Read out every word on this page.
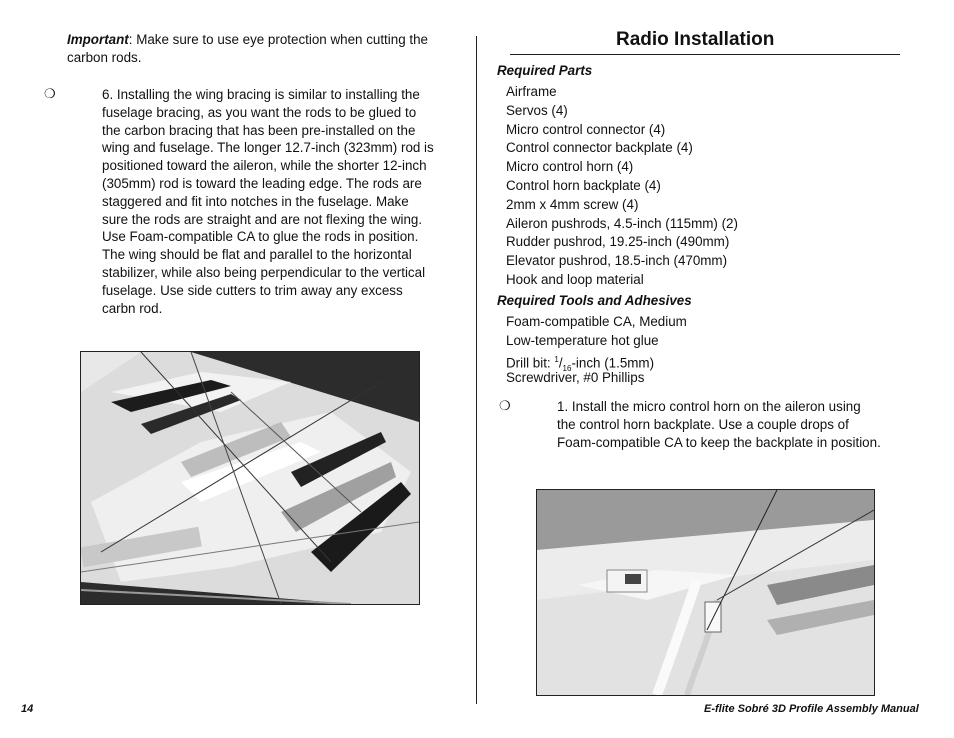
Important: Make sure to use eye protection when cutting the carbon rods.
❍	6. Installing the wing bracing is similar to installing the fuselage bracing, as you want the rods to be glued to the carbon bracing that has been pre-installed on the wing and fuselage. The longer 12.7-inch (323mm) rod is positioned toward the aileron, while the shorter 12-inch (305mm) rod is toward the leading edge. The rods are staggered and fit into notches in the fuselage. Make sure the rods are straight and are not flexing the wing. Use Foam-compatible CA to glue the rods in position. The wing should be flat and parallel to the horizontal stabilizer, while also being perpendicular to the vertical fuselage. Use side cutters to trim away any excess carbn rod.
Radio Installation
Required Parts
Airframe
Servos (4)
Micro control connector (4)
Control connector backplate (4)
Micro control horn (4)
Control horn backplate (4)
2mm x 4mm screw (4)
Aileron pushrods, 4.5-inch (115mm) (2)
Rudder pushrod, 19.25-inch (490mm)
Elevator pushrod, 18.5-inch (470mm)
Hook and loop material
Required Tools and Adhesives
Foam-compatible CA, Medium
Low-temperature hot glue
Drill bit: $^1/_{16}$-inch (1.5mm)
Screwdriver, #0 Phillips
❍	1. Install the micro control horn on the aileron using the control horn backplate. Use a couple drops of Foam-compatible CA to keep the backplate in position.
14	E-flite Sobré 3D Profile Assembly Manual
